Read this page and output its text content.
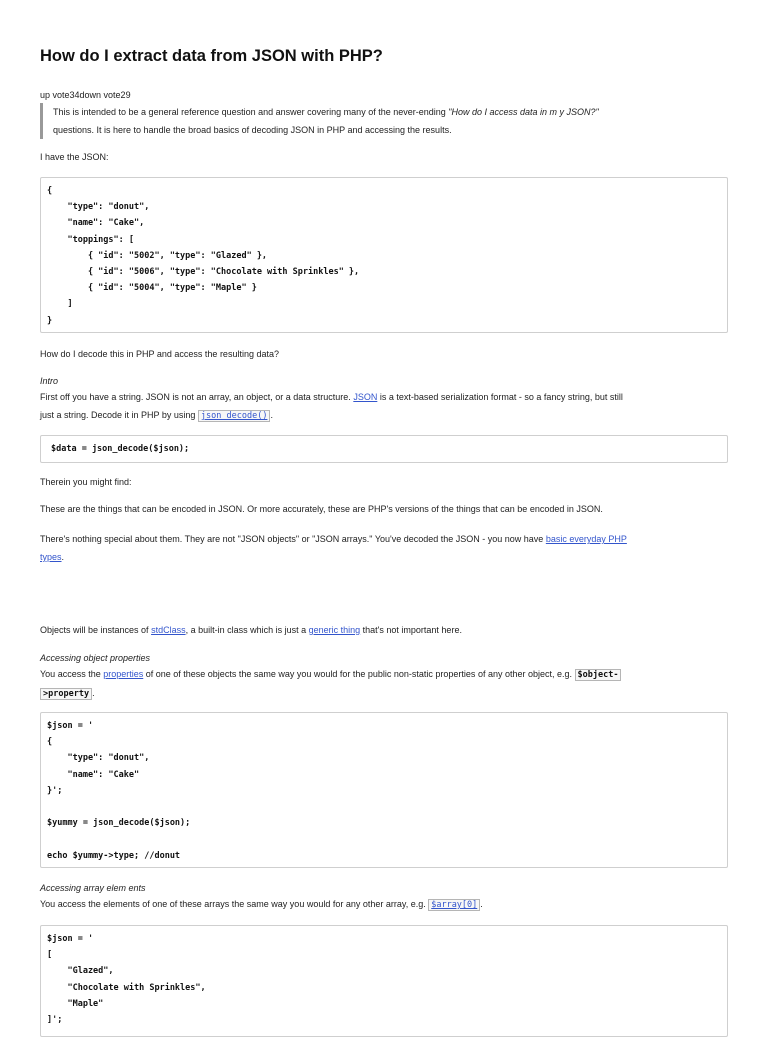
How do I extract data from JSON with PHP?
up vote34down vote29
This is intended to be a general reference question and answer covering many of the never-ending "How do I access data in m y JSON?"
questions. It is here to handle the broad basics of decoding JSON in PHP and accessing the results.
I have the JSON:
{
"type": "donut",
"name": "Cake",
"toppings": [
{ "id": "5002", "type": "Glazed" },
{ "id": "5006", "type": "Chocolate with Sprinkles" },
{ "id": "5004", "type": "Maple" }
]
}
How do I decode this in PHP and access the resulting data?
Intro
First off you have a string. JSON is not an array, an object, or a data structure. JSON is a text-based serialization format - so a fancy string, but still
just a string. Decode it in PHP by using json_decode() .
$data = json_decode($json);
Therein you might find:
These are the things that can be encoded in JSON. Or more accurately, these are PHP's versions of the things that can be encoded in JSON.
There's nothing special about them. They are not "JSON objects" or "JSON arrays." You've decoded the JSON - you now have basic everyday PHP
types.
Objects will be instances of stdClass, a built-in class which is just a generic thing that's not important here.
Accessing object properties
You access the properties of one of these objects the same way you would for the public non-static properties of any other object, e.g. $object-
>property .
$json = '
{
"type": "donut",
"name": "Cake"
}';
$yummy = json_decode($json);
echo $yummy->type; //donut
Accessing array elem ents
You access the elements of one of these arrays the same way you would for any other array, e.g. $array[0] .
$json = '
[
"Glazed",
"Chocolate with Sprinkles",
"Maple"
]';
